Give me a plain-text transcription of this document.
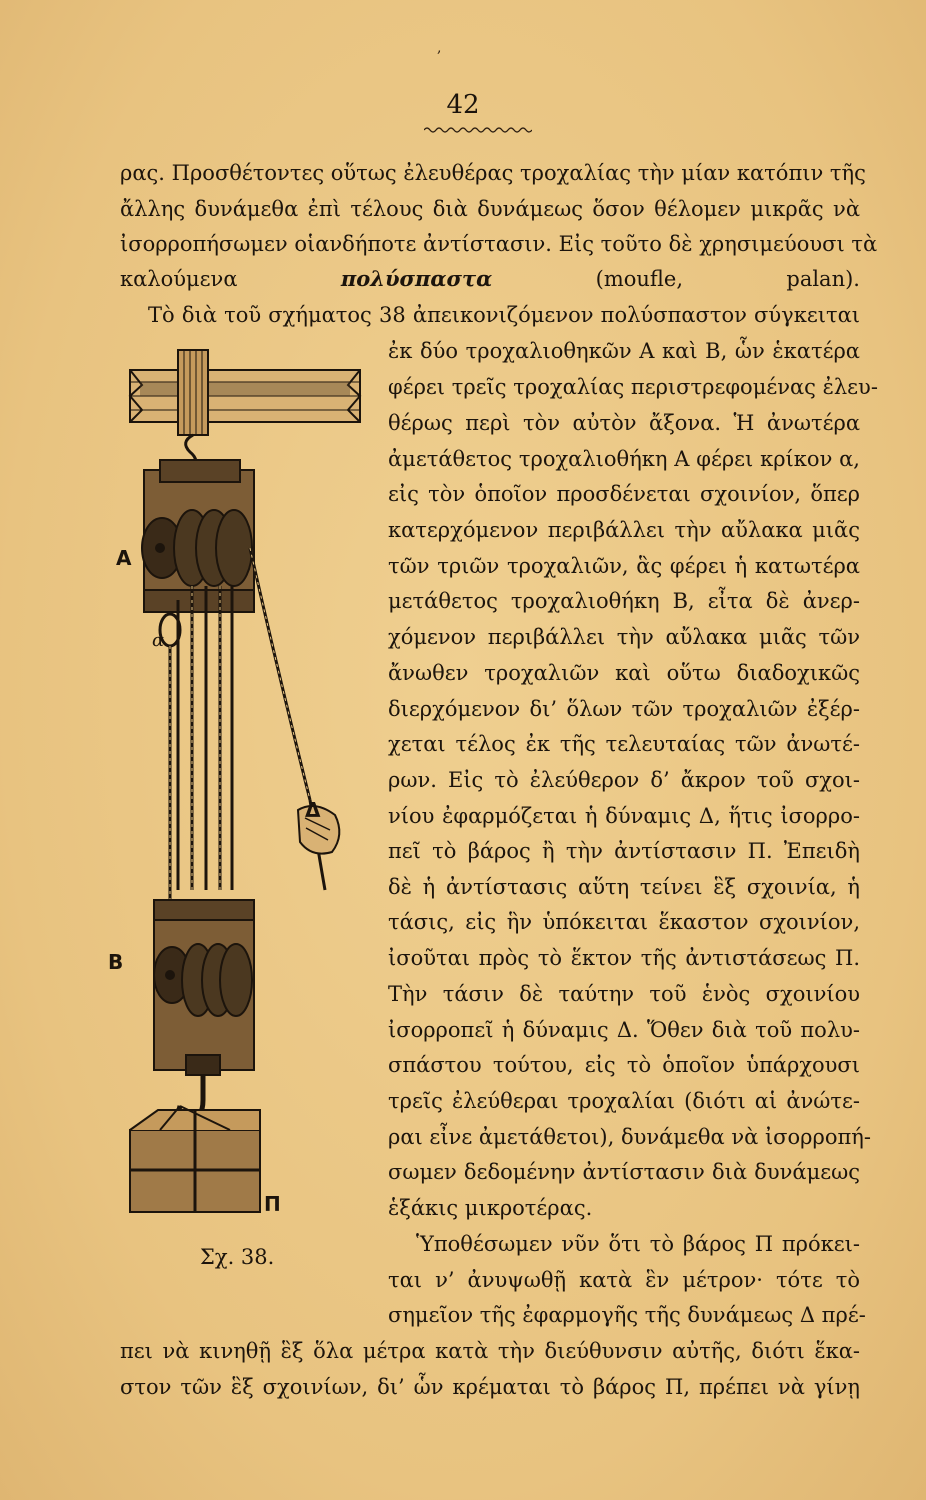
,
42
ρας. Προσθέτοντες οὕτως ἐλευθέρας τροχαλίας τὴν μίαν κατόπιν τῆς
ἄλλης δυνάμεθα ἐπὶ τέλους διὰ δυνάμεως ὅσον θέλομεν μικρᾶς νὰ
ἰσορροπήσωμεν οἱανδήποτε ἀντίστασιν. Εἰς τοῦτο δὲ χρησιμεύουσι τὰ
καλούμενα	πολύσπαστα	(moufle, palan).
Τὸ διὰ τοῦ σχήματος 38 ἀπεικονιζόμενον πολύσπαστον σύγκειται
ἐκ δύο τροχαλιοθηκῶν Α καὶ Β, ὧν ἑκατέρα
φέρει τρεῖς τροχαλίας περιστρεφομένας ἐλευ-
θέρως περὶ τὸν αὐτὸν ἄξονα. Ἡ ἀνωτέρα
ἀμετάθετος τροχαλιοθήκη Α φέρει κρίκον α,
εἰς τὸν ὁποῖον προσδένεται σχοινίον, ὅπερ
κατερχόμενον περιβάλλει τὴν αὔλακα μιᾶς
τῶν τριῶν τροχαλιῶν, ἃς φέρει ἡ κατωτέρα
μετάθετος τροχαλιοθήκη Β, εἶτα δὲ ἀνερ-
χόμενον περιβάλλει τὴν αὔλακα μιᾶς τῶν
ἄνωθεν τροχαλιῶν καὶ οὕτω διαδοχικῶς
διερχόμενον δι’ ὅλων τῶν τροχαλιῶν ἐξέρ-
χεται τέλος ἐκ τῆς τελευταίας τῶν ἀνωτέ-
ρων. Εἰς τὸ ἐλεύθερον δ’ ἄκρον τοῦ σχοι-
νίου ἐφαρμόζεται ἡ δύναμις Δ, ἥτις ἰσορρο-
πεῖ τὸ βάρος ἢ τὴν ἀντίστασιν Π. Ἐπειδὴ
δὲ ἡ ἀντίστασις αὕτη τείνει ἓξ σχοινία, ἡ
τάσις, εἰς ἣν ὑπόκειται ἕκαστον σχοινίον,
ἰσοῦται πρὸς τὸ ἕκτον τῆς ἀντιστάσεως Π.
Τὴν τάσιν δὲ ταύτην τοῦ ἑνὸς σχοινίου
ἰσορροπεῖ ἡ δύναμις Δ. Ὅθεν διὰ τοῦ πολυ-
σπάστου τούτου, εἰς τὸ ὁποῖον ὑπάρχουσι
τρεῖς ἐλεύθεραι τροχαλίαι (διότι αἱ ἀνώτε-
ραι εἶνε ἀμετάθετοι), δυνάμεθα νὰ ἰσορροπή-
σωμεν δεδομένην ἀντίστασιν διὰ δυνάμεως
ἑξάκις μικροτέρας.
Ὑποθέσωμεν νῦν ὅτι τὸ βάρος Π πρόκει-
ται ν’ ἀνυψωθῇ κατὰ ἓν μέτρον· τότε τὸ
σημεῖον τῆς ἐφαρμογῆς τῆς δυνάμεως Δ πρέ-
πει νὰ κινηθῇ ἓξ ὅλα μέτρα κατὰ τὴν διεύθυνσιν αὐτῆς, διότι ἕκα-
στον τῶν ἓξ σχοινίων, δι’ ὧν κρέμαται τὸ βάρος Π, πρέπει νὰ γίνῃ
Α
α
Δ
Β
Π
Σχ. 38.
